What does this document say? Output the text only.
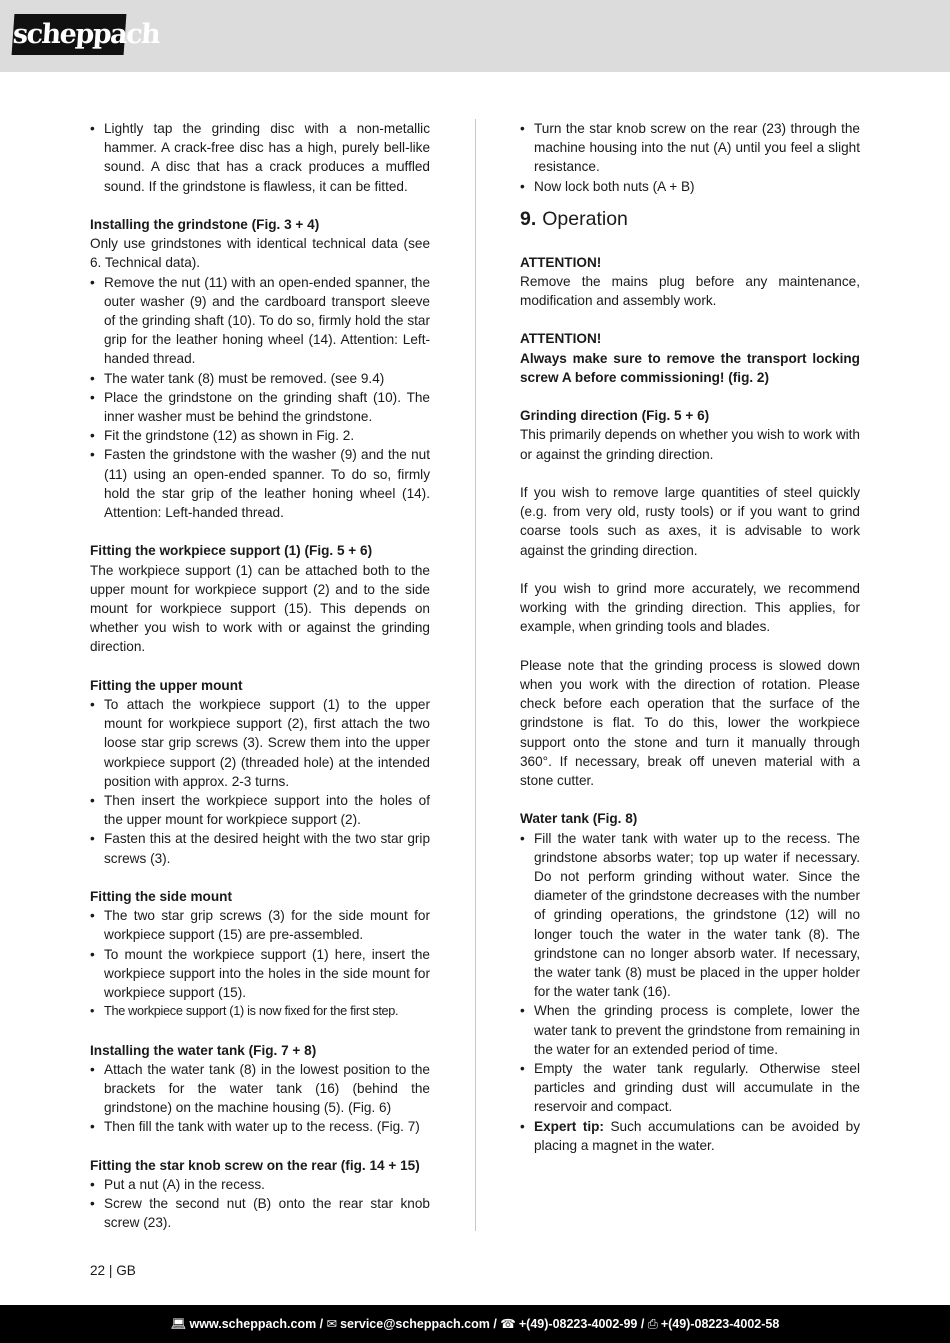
scheppach
• Lightly tap the grinding disc with a non-metallic hammer. A crack-free disc has a high, purely bell-like sound. A disc that has a crack produces a muffled sound. If the grindstone is flawless, it can be fitted.

Installing the grindstone (Fig. 3 + 4)

Only use grindstones with identical technical data (see 6. Technical data).

• Remove the nut (11) with an open-ended spanner, the outer washer (9) and the cardboard transport sleeve of the grinding shaft (10). To do so, firmly hold the star grip for the leather honing wheel (14). Attention: Left-handed thread.
• The water tank (8) must be removed. (see 9.4)
• Place the grindstone on the grinding shaft (10). The inner washer must be behind the grindstone.
• Fit the grindstone (12) as shown in Fig. 2.
• Fasten the grindstone with the washer (9) and the nut (11) using an open-ended spanner. To do so, firmly hold the star grip of the leather honing wheel (14). Attention: Left-handed thread.

Fitting the workpiece support (1) (Fig. 5 + 6)

The workpiece support (1) can be attached both to the upper mount for workpiece support (2) and to the side mount for workpiece support (15). This depends on whether you wish to work with or against the grinding direction.

Fitting the upper mount

• To attach the workpiece support (1) to the upper mount for workpiece support (2), first attach the two loose star grip screws (3). Screw them into the upper workpiece support (2) (threaded hole) at the intended position with approx. 2-3 turns.
• Then insert the workpiece support into the holes of the upper mount for workpiece support (2).
• Fasten this at the desired height with the two star grip screws (3).

Fitting the side mount

• The two star grip screws (3) for the side mount for workpiece support (15) are pre-assembled.
• To mount the workpiece support (1) here, insert the workpiece support into the holes in the side mount for workpiece support (15).
• The workpiece support (1) is now fixed for the first step.

Installing the water tank (Fig. 7 + 8)

• Attach the water tank (8) in the lowest position to the brackets for the water tank (16) (behind the grindstone) on the machine housing (5). (Fig. 6)
• Then fill the tank with water up to the recess. (Fig. 7)

Fitting the star knob screw on the rear (fig. 14 + 15)

• Put a nut (A) in the recess.
• Screw the second nut (B) onto the rear star knob screw (23).
• Turn the star knob screw on the rear (23) through the machine housing into the nut (A) until you feel a slight resistance.
• Now lock both nuts (A + B)
9. Operation

ATTENTION!

Remove the mains plug before any maintenance, modification and assembly work.

ATTENTION!

Always make sure to remove the transport locking screw A before commissioning! (fig. 2)

Grinding direction (Fig. 5 + 6)

This primarily depends on whether you wish to work with or against the grinding direction.

If you wish to remove large quantities of steel quickly (e.g. from very old, rusty tools) or if you want to grind coarse tools such as axes, it is advisable to work against the grinding direction.

If you wish to grind more accurately, we recommend working with the grinding direction. This applies, for example, when grinding tools and blades.

Please note that the grinding process is slowed down when you work with the direction of rotation. Please check before each operation that the surface of the grindstone is flat. To do this, lower the workpiece support onto the stone and turn it manually through 360°. If necessary, break off uneven material with a stone cutter.

Water tank (Fig. 8)

• Fill the water tank with water up to the recess. The grindstone absorbs water; top up water if necessary. Do not perform grinding without water. Since the diameter of the grindstone decreases with the number of grinding operations, the grindstone (12) will no longer touch the water in the water tank (8). The grindstone can no longer absorb water. If necessary, the water tank (8) must be placed in the upper holder for the water tank (16).
• When the grinding process is complete, lower the water tank to prevent the grindstone from remaining in the water for an extended period of time.
• Empty the water tank regularly. Otherwise steel particles and grinding dust will accumulate in the reservoir and compact.
• Expert tip: Such accumulations can be avoided by placing a magnet in the water.
22 | GB
💻︎ www.scheppach.com / ✉︎ service@scheppach.com / ☎︎ +(49)-08223-4002-99 / ⎙ +(49)-08223-4002-58
